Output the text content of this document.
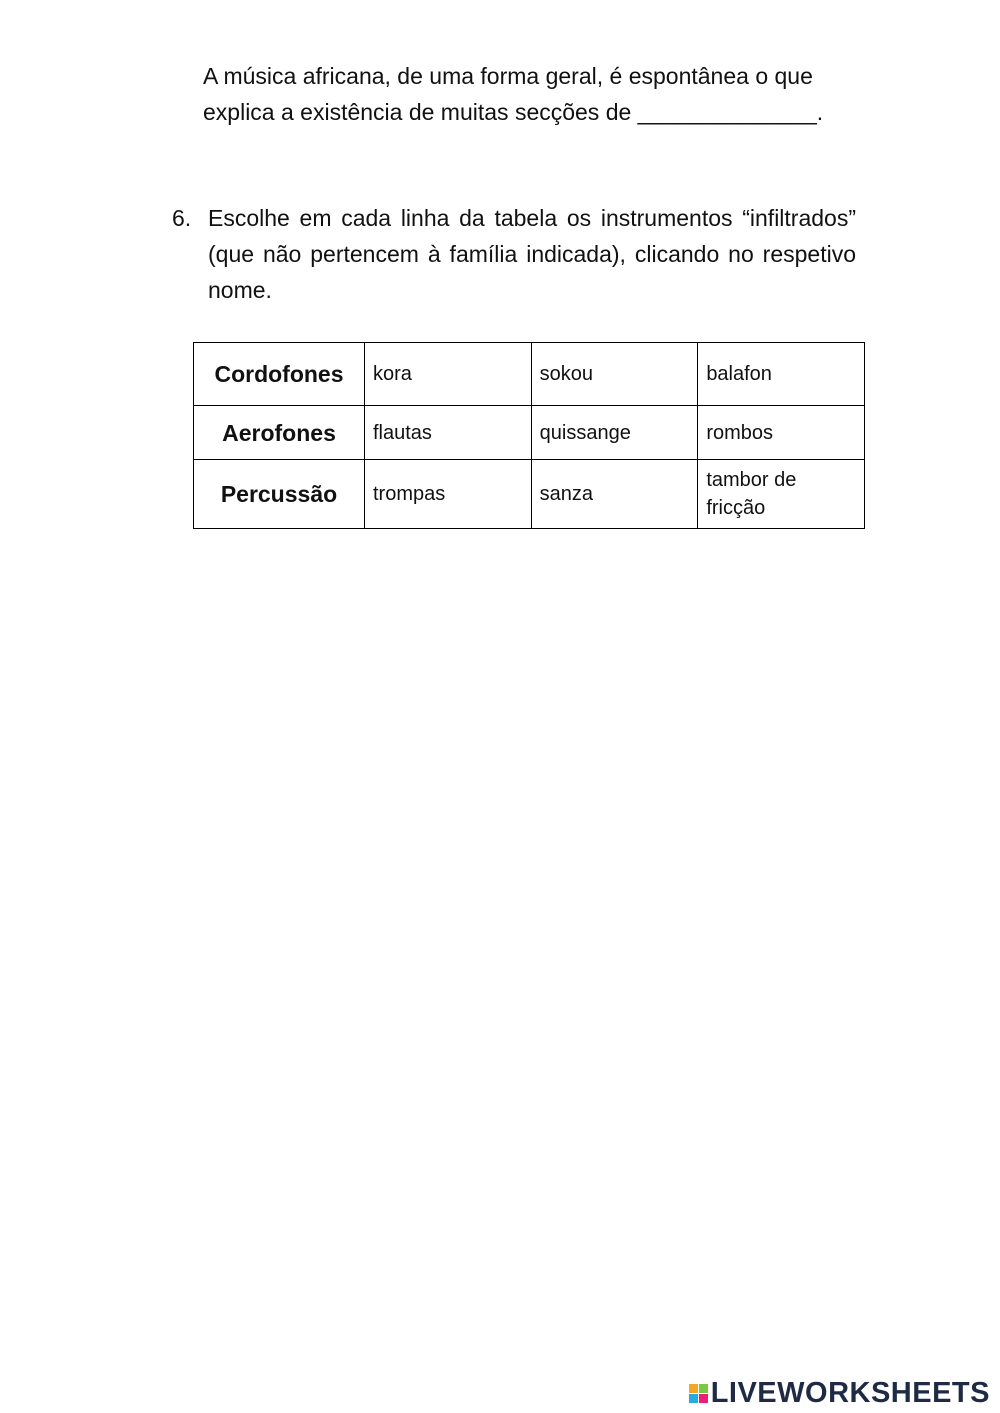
A música africana, de uma forma geral, é espontânea o que
explica a existência de muitas secções de ______________.
6. Escolhe em cada linha da tabela os instrumentos “infiltrados” (que não pertencem à família indicada), clicando no respetivo nome.
Cordofones	kora	sokou	balafon
Aerofones	flautas	quissange	rombos
Percussão	trompas	sanza	tambor de fricção
LIVEWORKSHEETS
